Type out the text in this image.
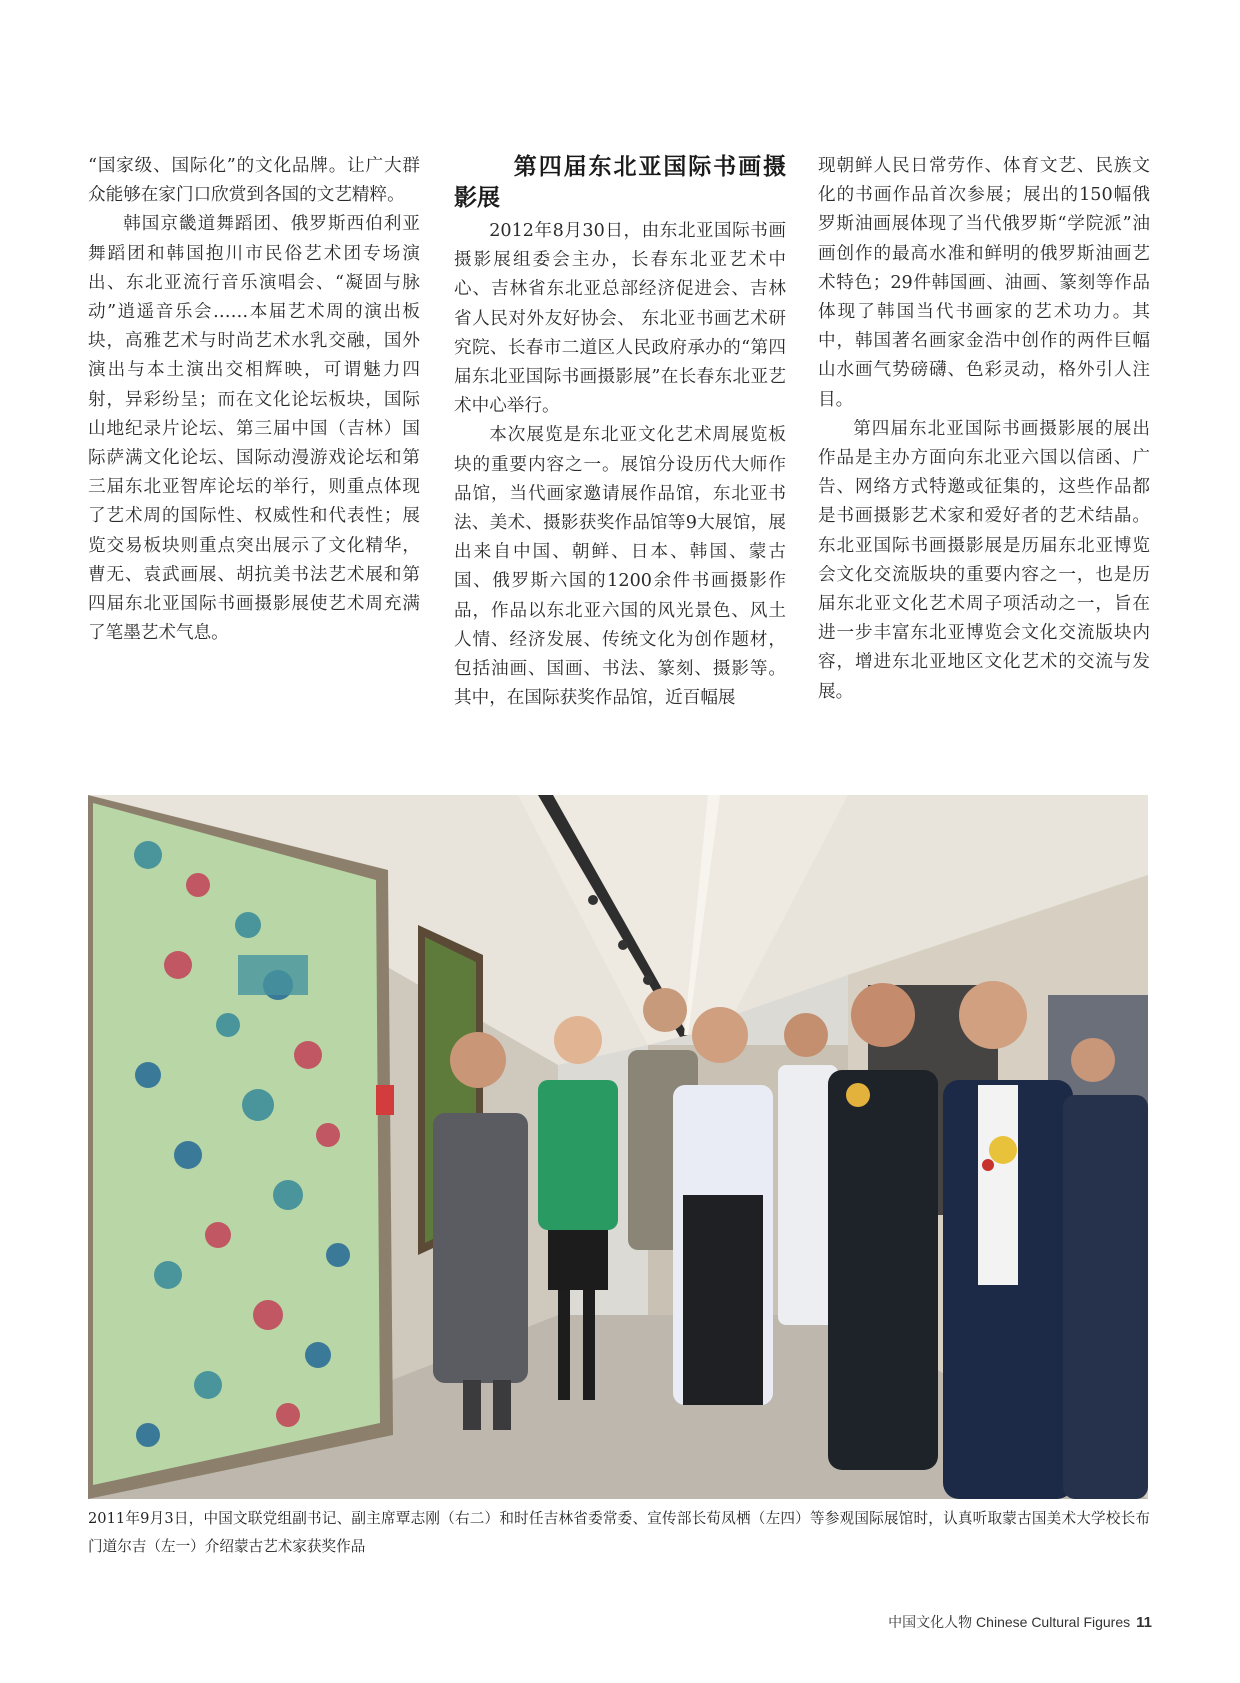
“国家级、国际化”的文化品牌。让广大群众能够在家门口欣赏到各国的文艺精粹。

韩国京畿道舞蹈团、俄罗斯西伯利亚舞蹈团和韩国抱川市民俗艺术团专场演出、东北亚流行音乐演唱会、“凝固与脉动”逍遥音乐会……本届艺术周的演出板块，高雅艺术与时尚艺术水乳交融，国外演出与本土演出交相辉映，可谓魅力四射，异彩纷呈；而在文化论坛板块，国际山地纪录片论坛、第三届中国（吉林）国际萨满文化论坛、国际动漫游戏论坛和第三届东北亚智库论坛的举行，则重点体现了艺术周的国际性、权威性和代表性；展览交易板块则重点突出展示了文化精华，曹无、袁武画展、胡抗美书法艺术展和第四届东北亚国际书画摄影展使艺术周充满了笔墨艺术气息。

第四届东北亚国际书画摄影展

2012年8月30日，由东北亚国际书画摄影展组委会主办，长春东北亚艺术中心、吉林省东北亚总部经济促进会、吉林省人民对外友好协会、 东北亚书画艺术研究院、长春市二道区人民政府承办的“第四届东北亚国际书画摄影展”在长春东北亚艺术中心举行。

本次展览是东北亚文化艺术周展览板块的重要内容之一。展馆分设历代大师作品馆，当代画家邀请展作品馆，东北亚书法、美术、摄影获奖作品馆等9大展馆，展出来自中国、朝鲜、日本、韩国、蒙古国、俄罗斯六国的1200余件书画摄影作品，作品以东北亚六国的风光景色、风土人情、经济发展、传统文化为创作题材，包括油画、国画、书法、篆刻、摄影等。其中，在国际获奖作品馆，近百幅展

现朝鲜人民日常劳作、体育文艺、民族文化的书画作品首次参展；展出的150幅俄罗斯油画展体现了当代俄罗斯“学院派”油画创作的最高水准和鲜明的俄罗斯油画艺术特色；29件韩国画、油画、篆刻等作品体现了韩国当代书画家的艺术功力。其中，韩国著名画家金浩中创作的两件巨幅山水画气势磅礴、色彩灵动，格外引人注目。

第四届东北亚国际书画摄影展的展出作品是主办方面向东北亚六国以信函、广告、网络方式特邀或征集的，这些作品都是书画摄影艺术家和爱好者的艺术结晶。东北亚国际书画摄影展是历届东北亚博览会文化交流版块的重要内容之一，也是历届东北亚文化艺术周子项活动之一，旨在进一步丰富东北亚博览会文化交流版块内容，增进东北亚地区文化艺术的交流与发展。

2011年9月3日，中国文联党组副书记、副主席覃志刚（右二）和时任吉林省委常委、宣传部长荀凤栖（左四）等参观国际展馆时，认真听取蒙古国美术大学校长布门道尔吉（左一）介绍蒙古艺术家获奖作品
中国文化人物 Chinese Cultural Figures 11
